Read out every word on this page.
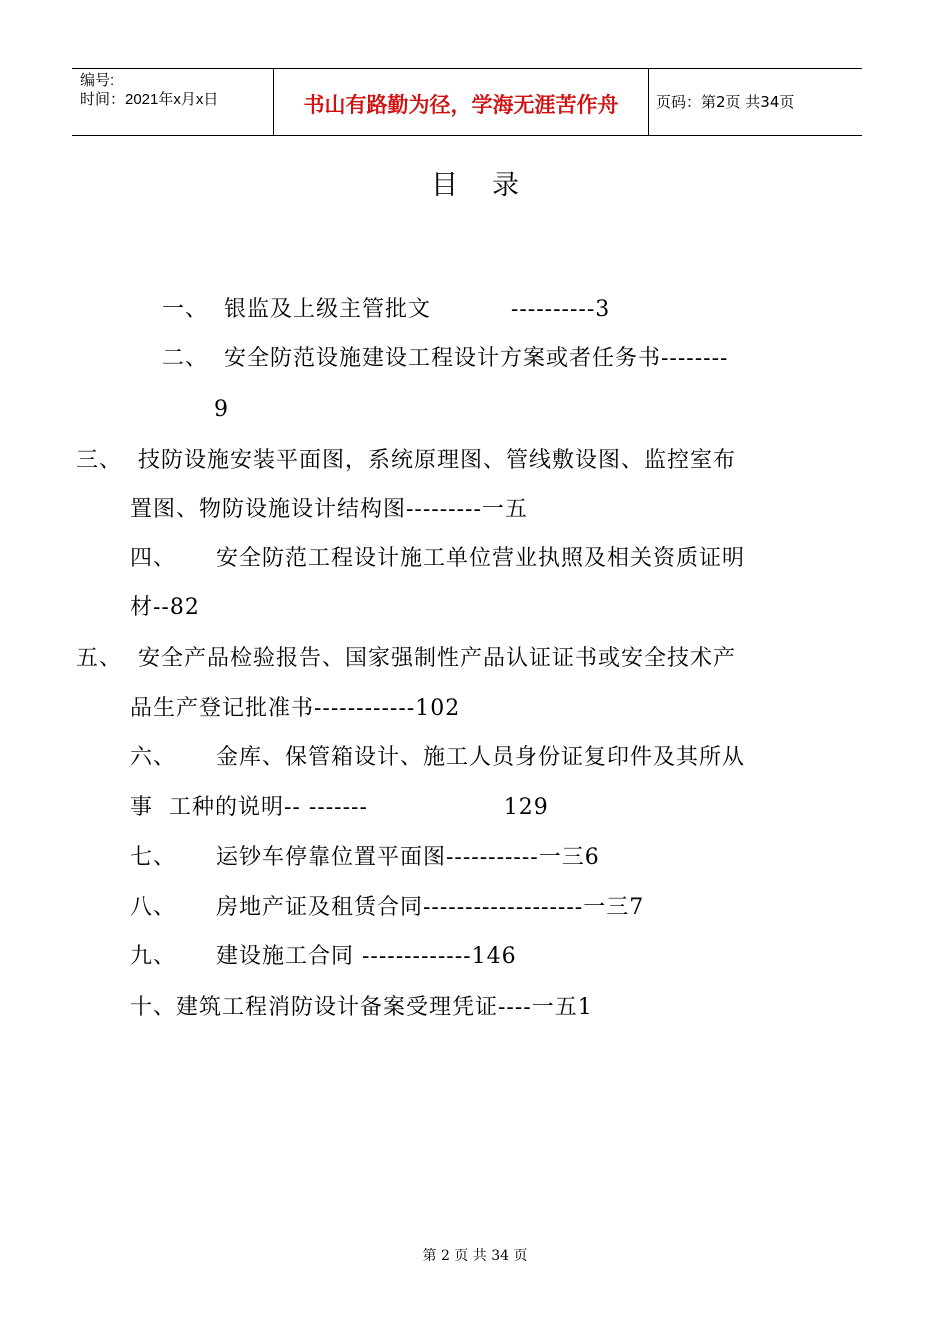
编号:
时间：2021年x月x日	书山有路勤为径，学海无涯苦作舟	页码：第2页 共34页
目录
一、  银监及上级主管批文          ----------3
二、  安全防范设施建设工程设计方案或者任务书--------
9
三、  技防设施安装平面图，系统原理图、管线敷设图、监控室布
置图、物防设施设计结构图---------一五
四、     安全防范工程设计施工单位营业执照及相关资质证明
材--82
五、  安全产品检验报告、国家强制性产品认证证书或安全技术产
品生产登记批准书------------102
六、     金库、保管箱设计、施工人员身份证复印件及其所从
事  工种的说明-- -------                 129
七、     运钞车停靠位置平面图-----------一三6
八、     房地产证及租赁合同-------------------一三7
九、     建设施工合同 -------------146
十、建筑工程消防设计备案受理凭证----一五1
第 2 页 共 34 页
